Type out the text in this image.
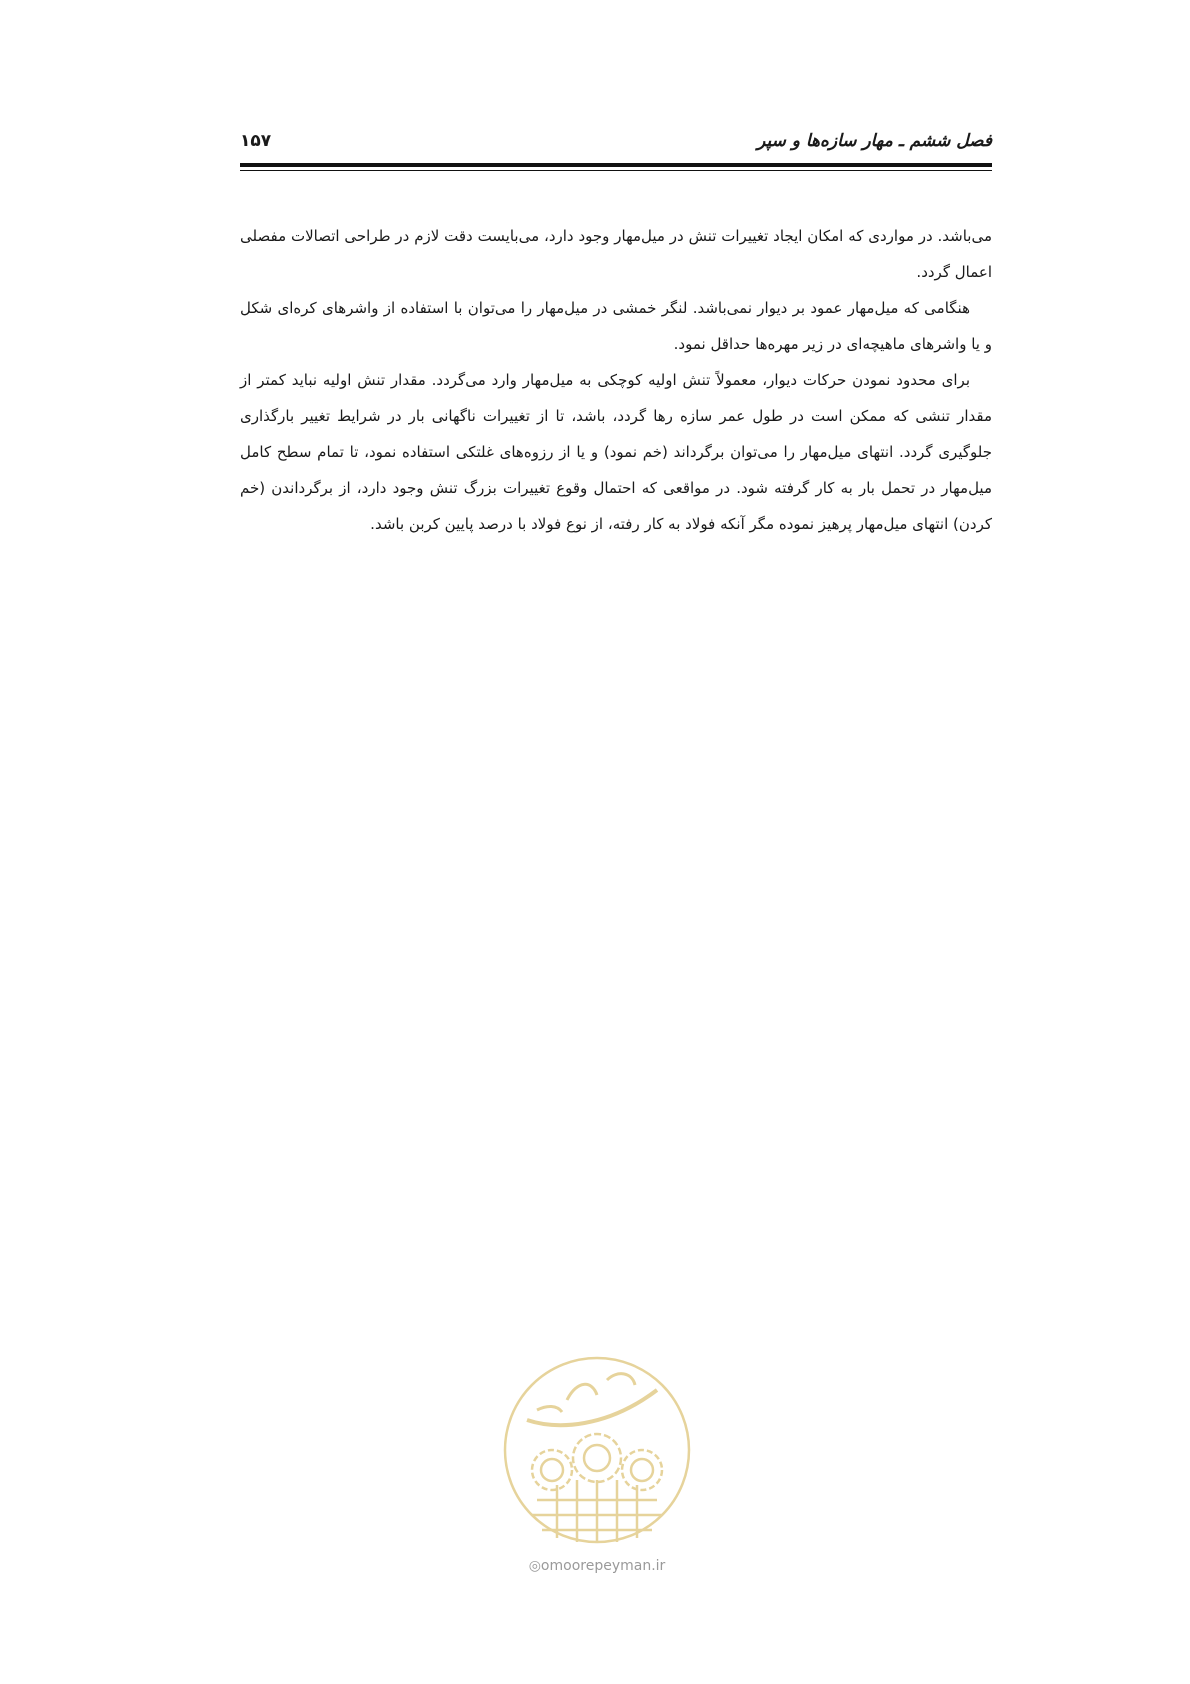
فصل ششم ـ مهار سازه‌ها و سپر
۱۵۷

می‌باشد. در مواردی که امکان ایجاد تغییرات تنش در میل‌مهار وجود دارد، می‌بایست دقت لازم در طراحی اتصالات مفصلی اعمال گردد.

هنگامی که میل‌مهار عمود بر دیوار نمی‌باشد. لنگر خمشی در میل‌مهار را می‌توان با استفاده از واشرهای کره‌ای شکل و یا واشرهای ماهیچه‌ای در زیر مهره‌ها حداقل نمود.

برای محدود نمودن حرکات دیوار، معمولاً تنش اولیه کوچکی به میل‌مهار وارد می‌گردد. مقدار تنش اولیه نباید کمتر از مقدار تنشی که ممکن است در طول عمر سازه رها گردد، باشد، تا از تغییرات ناگهانی بار در شرایط تغییر بارگذاری جلوگیری گردد. انتهای میل‌مهار را می‌توان برگرداند (خم نمود) و یا از رزوه‌های غلتکی استفاده نمود، تا تمام سطح کامل میل‌مهار در تحمل بار به کار گرفته شود. در مواقعی که احتمال وقوع تغییرات بزرگ تنش وجود دارد، از برگرداندن (خم کردن) انتهای میل‌مهار پرهیز نموده مگر آنکه فولاد به کار رفته، از نوع فولاد با درصد پایین کربن باشد.

◎omoorepeyman.ir
